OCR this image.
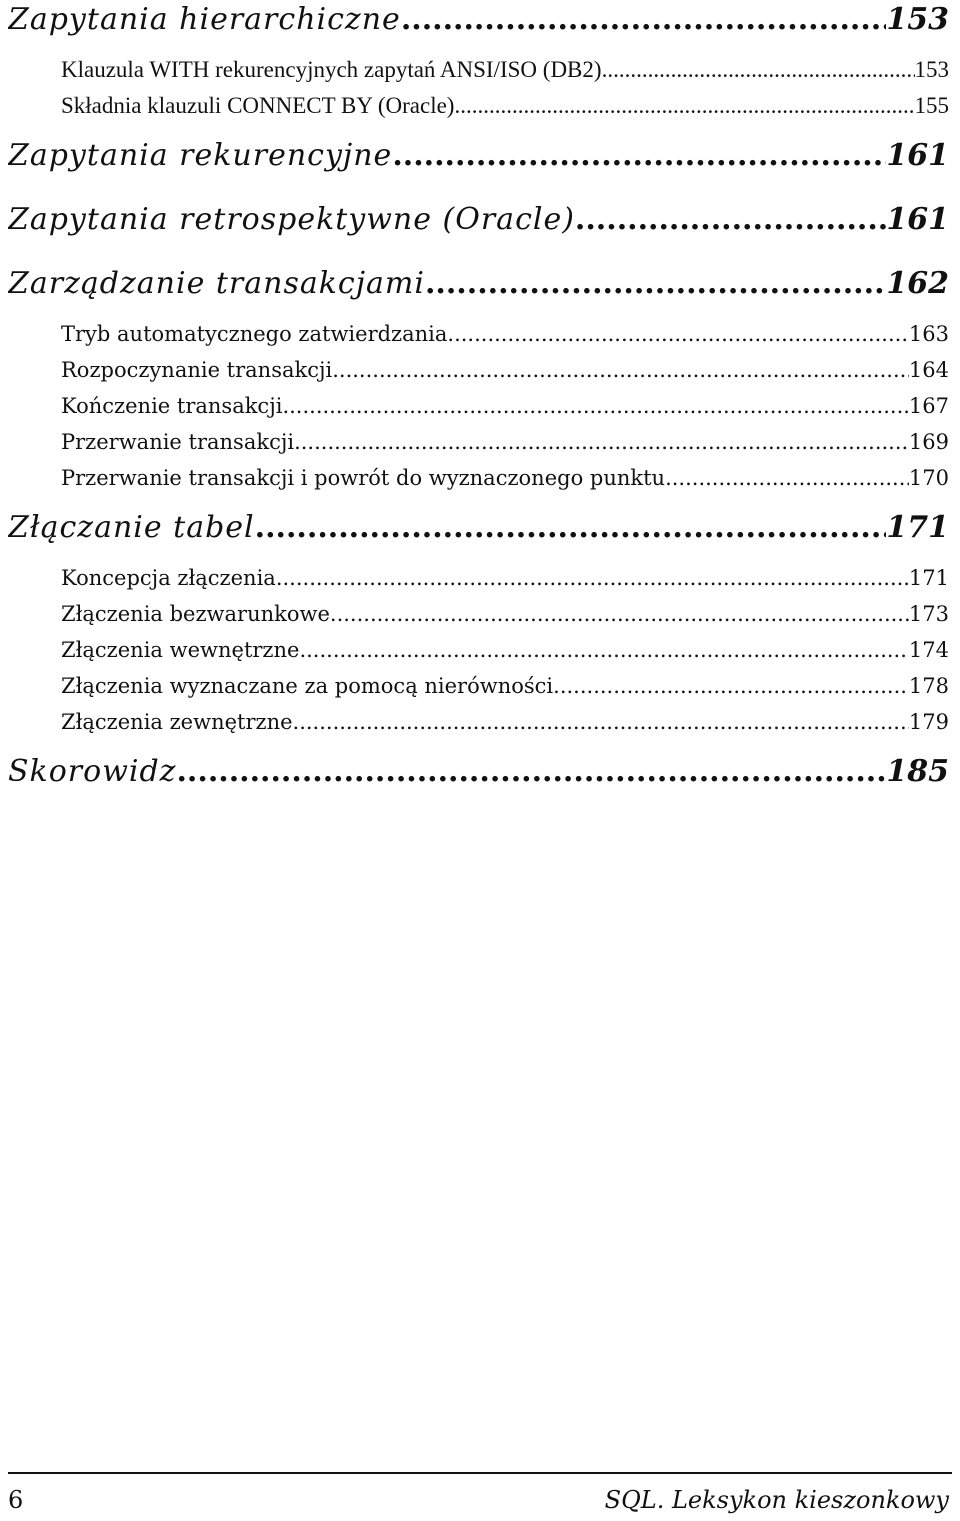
Zapytania hierarchiczne .....	153
Klauzula WITH rekurencyjnych zapytań ANSI/ISO (DB2) .....	153
Składnia klauzuli CONNECT BY (Oracle) .....	155
Zapytania rekurencyjne .....	161
Zapytania retrospektywne (Oracle) .....	161
Zarządzanie transakcjami .....	162
Tryb automatycznego zatwierdzania .....	163
Rozpoczynanie transakcji .....	164
Kończenie transakcji .....	167
Przerwanie transakcji .....	169
Przerwanie transakcji i powrót do wyznaczonego punktu .....	170
Złączanie tabel .....	171
Koncepcja złączenia .....	171
Złączenia bezwarunkowe .....	173
Złączenia wewnętrzne .....	174
Złączenia wyznaczane za pomocą nierówności .....	178
Złączenia zewnętrzne .....	179
Skorowidz .....	185
6	SQL. Leksykon kieszonkowy
